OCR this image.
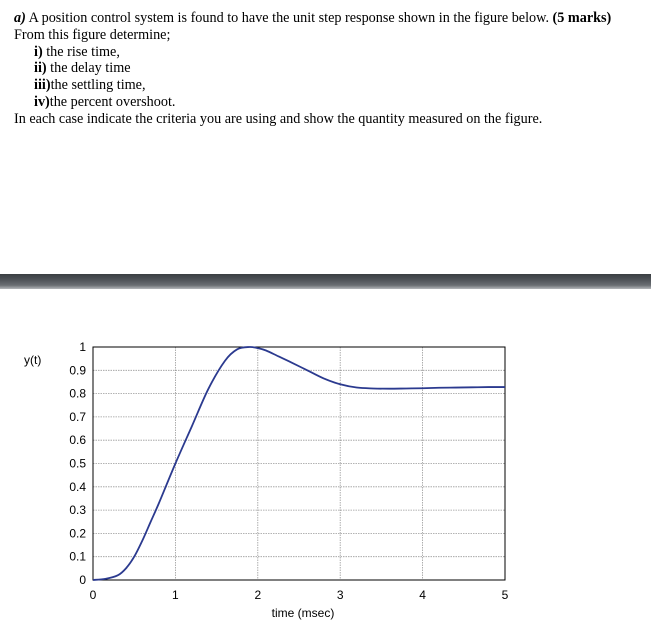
a) A position control system is found to have the unit step response shown in the figure below. (5 marks)

From this figure determine;

i) the rise time,

ii) the delay time

iii)the settling time,

iv)the percent overshoot.

In each case indicate the criteria you are using and show the quantity measured on the figure.

y(t)
time (msec)
0
0.1
0.2
0.3
0.4
0.5
0.6
0.7
0.8
0.9
1
0	1	2	3	4	5
